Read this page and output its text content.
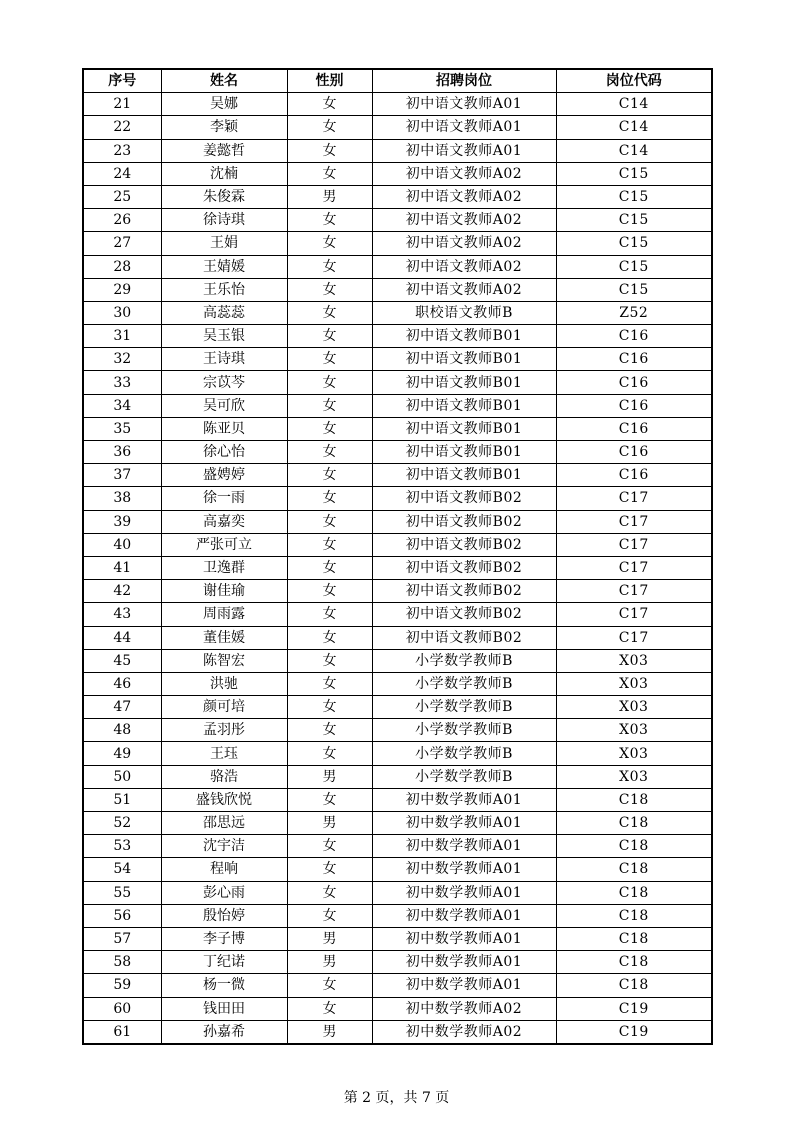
序号	姓名	性别	招聘岗位	岗位代码
21	吴娜	女	初中语文教师A01	C14
22	李颖	女	初中语文教师A01	C14
23	姜懿哲	女	初中语文教师A01	C14
24	沈楠	女	初中语文教师A02	C15
25	朱俊霖	男	初中语文教师A02	C15
26	徐诗琪	女	初中语文教师A02	C15
27	王娟	女	初中语文教师A02	C15
28	王婧媛	女	初中语文教师A02	C15
29	王乐怡	女	初中语文教师A02	C15
30	高蕊蕊	女	职校语文教师B	Z52
31	吴玉银	女	初中语文教师B01	C16
32	王诗琪	女	初中语文教师B01	C16
33	宗苡芩	女	初中语文教师B01	C16
34	吴可欣	女	初中语文教师B01	C16
35	陈亚贝	女	初中语文教师B01	C16
36	徐心怡	女	初中语文教师B01	C16
37	盛娉婷	女	初中语文教师B01	C16
38	徐一雨	女	初中语文教师B02	C17
39	高嘉奕	女	初中语文教师B02	C17
40	严张可立	女	初中语文教师B02	C17
41	卫逸群	女	初中语文教师B02	C17
42	谢佳瑜	女	初中语文教师B02	C17
43	周雨露	女	初中语文教师B02	C17
44	董佳媛	女	初中语文教师B02	C17
45	陈智宏	女	小学数学教师B	X03
46	洪驰	女	小学数学教师B	X03
47	颜可培	女	小学数学教师B	X03
48	孟羽彤	女	小学数学教师B	X03
49	王珏	女	小学数学教师B	X03
50	骆浩	男	小学数学教师B	X03
51	盛钱欣悦	女	初中数学教师A01	C18
52	邵思远	男	初中数学教师A01	C18
53	沈宇洁	女	初中数学教师A01	C18
54	程响	女	初中数学教师A01	C18
55	彭心雨	女	初中数学教师A01	C18
56	殷怡婷	女	初中数学教师A01	C18
57	李子博	男	初中数学教师A01	C18
58	丁纪诺	男	初中数学教师A01	C18
59	杨一微	女	初中数学教师A01	C18
60	钱田田	女	初中数学教师A02	C19
61	孙嘉希	男	初中数学教师A02	C19
第 2 页，共 7 页
